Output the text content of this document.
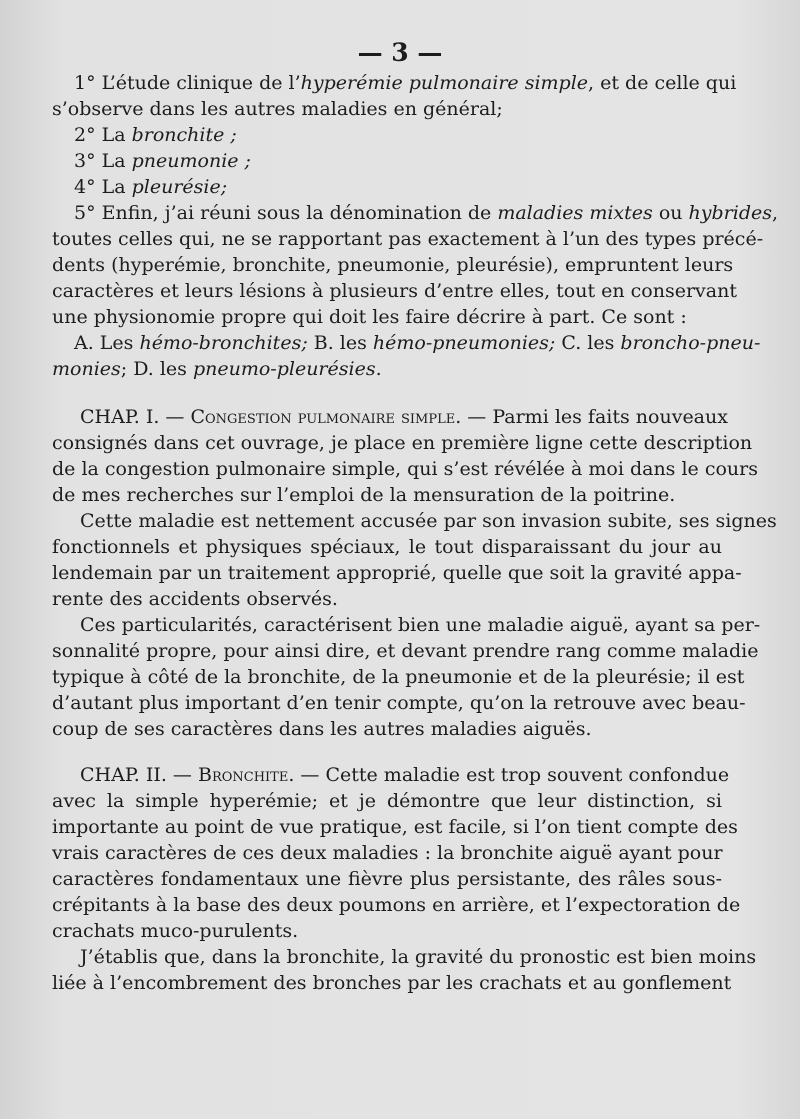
— 3 —
1° L’étude clinique de l’hyperémie pulmonaire simple, et de celle qui
s’observe dans les autres maladies en général;
2° La bronchite ;
3° La pneumonie ;
4° La pleurésie;
5° Enfin, j’ai réuni sous la dénomination de maladies mixtes ou hybrides,
toutes celles qui, ne se rapportant pas exactement à l’un des types précé-
dents (hyperémie, bronchite, pneumonie, pleurésie), empruntent leurs
caractères et leurs lésions à plusieurs d’entre elles, tout en conservant
une physionomie propre qui doit les faire décrire à part. Ce sont :
A. Les hémo-bronchites; B. les hémo-pneumonies; C. les broncho-pneu-
monies; D. les pneumo-pleurésies.
CHAP. I. — Congestion pulmonaire simple. — Parmi les faits nouveaux
consignés dans cet ouvrage, je place en première ligne cette description
de la congestion pulmonaire simple, qui s’est révélée à moi dans le cours
de mes recherches sur l’emploi de la mensuration de la poitrine.
Cette maladie est nettement accusée par son invasion subite, ses signes
fonctionnels et physiques spéciaux, le tout disparaissant du jour au
lendemain par un traitement approprié, quelle que soit la gravité appa-
rente des accidents observés.
Ces particularités, caractérisent bien une maladie aiguë, ayant sa per-
sonnalité propre, pour ainsi dire, et devant prendre rang comme maladie
typique à côté de la bronchite, de la pneumonie et de la pleurésie; il est
d’autant plus important d’en tenir compte, qu’on la retrouve avec beau-
coup de ses caractères dans les autres maladies aiguës.
CHAP. II. — Bronchite. — Cette maladie est trop souvent confondue
avec la simple hyperémie; et je démontre que leur distinction, si
importante au point de vue pratique, est facile, si l’on tient compte des
vrais caractères de ces deux maladies : la bronchite aiguë ayant pour
caractères fondamentaux une fièvre plus persistante, des râles sous-
crépitants à la base des deux poumons en arrière, et l’expectoration de
crachats muco-purulents.
J’établis que, dans la bronchite, la gravité du pronostic est bien moins
liée à l’encombrement des bronches par les crachats et au gonflement
